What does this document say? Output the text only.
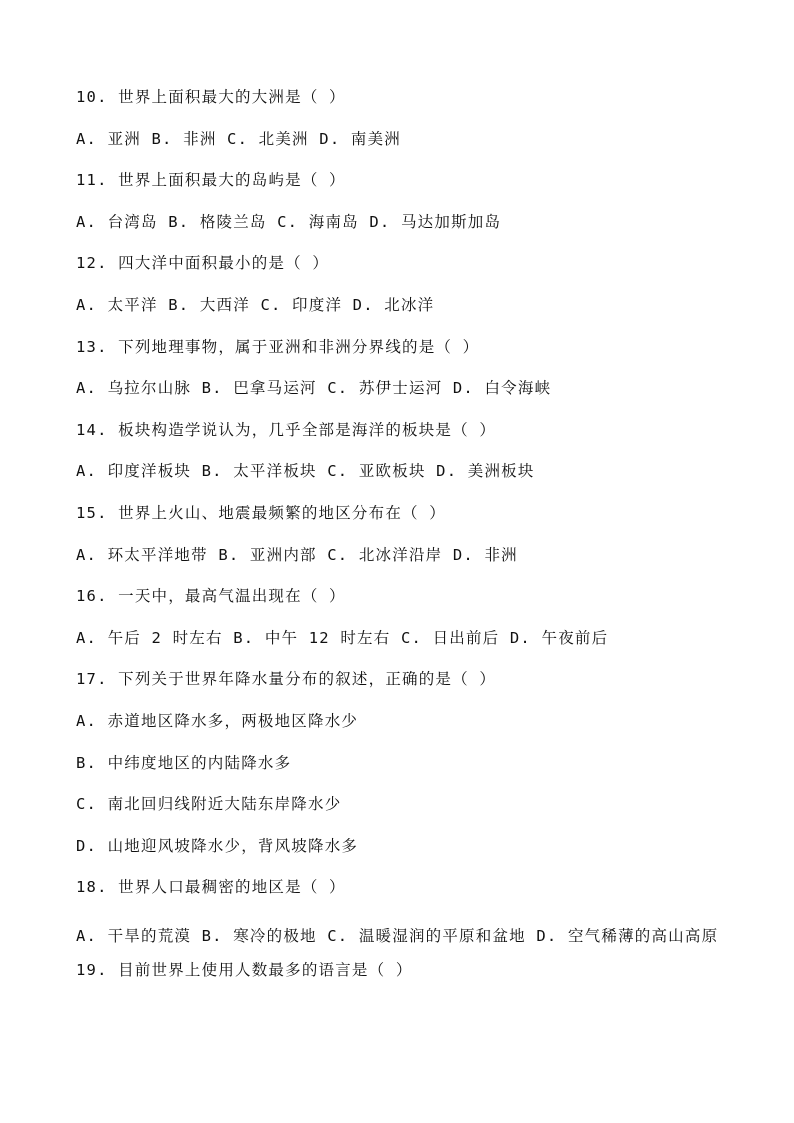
10. 世界上面积最大的大洲是（ ）
A. 亚洲 B. 非洲 C. 北美洲 D. 南美洲
11. 世界上面积最大的岛屿是（ ）
A. 台湾岛 B. 格陵兰岛 C. 海南岛 D. 马达加斯加岛
12. 四大洋中面积最小的是（ ）
A. 太平洋 B. 大西洋 C. 印度洋 D. 北冰洋
13. 下列地理事物，属于亚洲和非洲分界线的是（ ）
A. 乌拉尔山脉 B. 巴拿马运河 C. 苏伊士运河 D. 白令海峡
14. 板块构造学说认为，几乎全部是海洋的板块是（ ）
A. 印度洋板块 B. 太平洋板块 C. 亚欧板块 D. 美洲板块
15. 世界上火山、地震最频繁的地区分布在（ ）
A. 环太平洋地带 B. 亚洲内部 C. 北冰洋沿岸 D. 非洲
16. 一天中，最高气温出现在（ ）
A. 午后 2 时左右 B. 中午 12 时左右 C. 日出前后 D. 午夜前后
17. 下列关于世界年降水量分布的叙述，正确的是（ ）
A. 赤道地区降水多，两极地区降水少
B. 中纬度地区的内陆降水多
C. 南北回归线附近大陆东岸降水少
D. 山地迎风坡降水少，背风坡降水多
18. 世界人口最稠密的地区是（ ）
A. 干旱的荒漠 B. 寒冷的极地 C. 温暖湿润的平原和盆地 D. 空气稀薄的高山高原
19. 目前世界上使用人数最多的语言是（ ）
